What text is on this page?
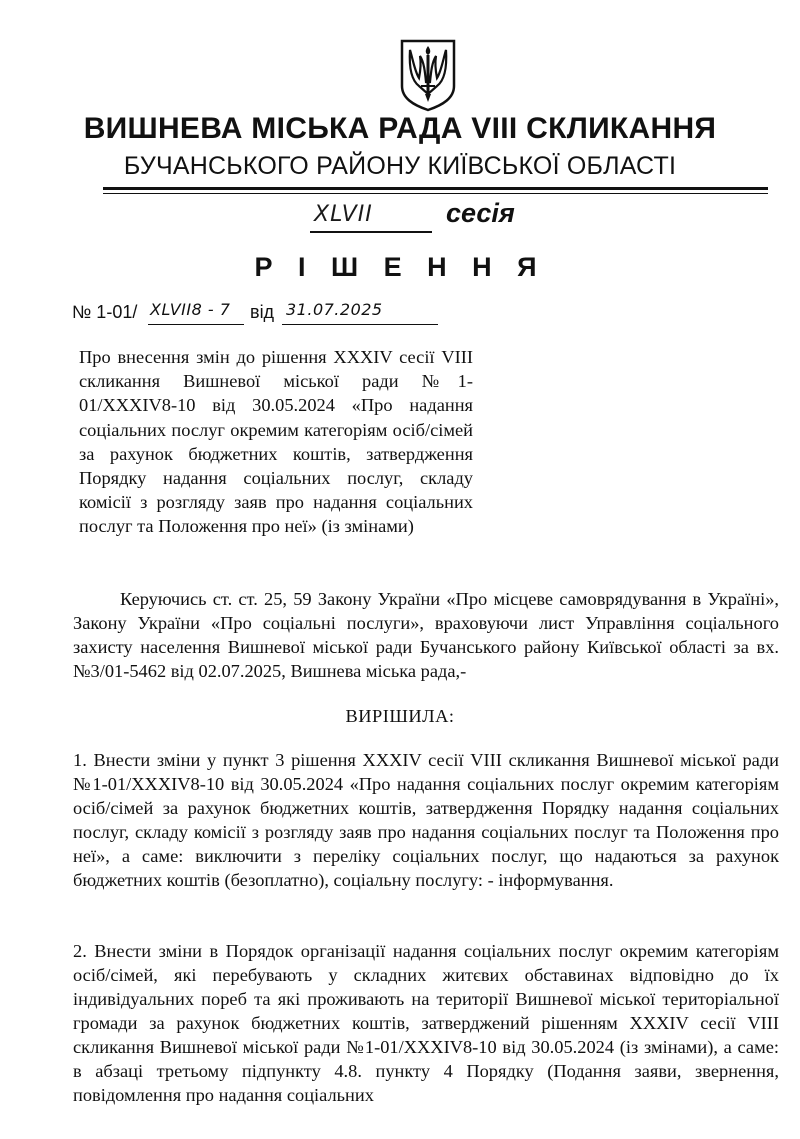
ВИШНЕВА МІСЬКА РАДА VIII СКЛИКАННЯ
БУЧАНСЬКОГО РАЙОНУ КИЇВСЬКОЇ ОБЛАСТІ
XLVII	сесія
Р І Ш Е Н Н Я
№ 1-01/ XLVII8 - 7 від 31.07.2025
Про внесення змін до рішення XXXIV сесії VIII скликання Вишневої міської ради №1-01/XXXIV8-10 від 30.05.2024 «Про надання соціальних послуг окремим категоріям осіб/сімей за рахунок бюджетних коштів, затвердження Порядку надання соціальних послуг, складу комісії з розгляду заяв про надання соціальних послуг та Положення про неї» (із змінами)
Керуючись ст. ст. 25, 59 Закону України «Про місцеве самоврядування в Україні», Закону України «Про соціальні послуги», враховуючи лист Управління соціального захисту населення Вишневої міської ради Бучанського району Київської області за вх. №3/01-5462 від 02.07.2025, Вишнева міська рада,-
ВИРІШИЛА:
1. Внести зміни у пункт 3 рішення XXXIV сесії VIII скликання Вишневої міської ради №1-01/XXXIV8-10 від 30.05.2024 «Про надання соціальних послуг окремим категоріям осіб/сімей за рахунок бюджетних коштів, затвердження Порядку надання соціальних послуг, складу комісії з розгляду заяв про надання соціальних послуг та Положення про неї», а саме: виключити з переліку соціальних послуг, що надаються за рахунок бюджетних коштів (безоплатно), соціальну послугу: - інформування.
2. Внести зміни в Порядок організації надання соціальних послуг окремим категоріям осіб/сімей, які перебувають у складних житєвих обставинах відповідно до їх індивідуальних пореб та які проживають на території Вишневої міської територіальної громади за рахунок бюджетних коштів, затверджений рішенням XXXIV сесії VIII скликання Вишневої міської ради №1-01/XXXIV8-10 від 30.05.2024 (із змінами), а саме: в абзаці третьому підпункту 4.8. пункту 4 Порядку (Подання заяви, звернення, повідомлення про надання соціальних
